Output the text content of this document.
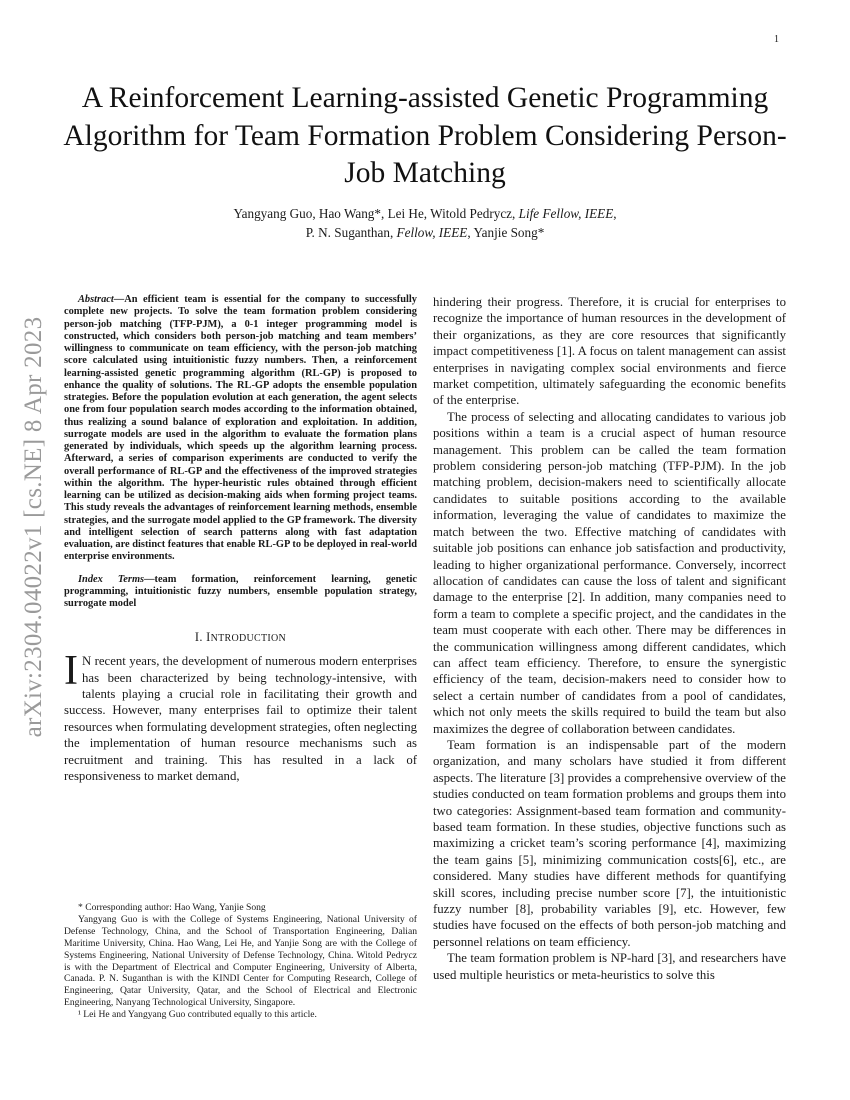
1
arXiv:2304.04022v1 [cs.NE] 8 Apr 2023
A Reinforcement Learning-assisted Genetic Programming Algorithm for Team Formation Problem Considering Person-Job Matching
Yangyang Guo, Hao Wang*, Lei He, Witold Pedrycz, Life Fellow, IEEE,
P. N. Suganthan, Fellow, IEEE, Yanjie Song*

Abstract—An efficient team is essential for the company to successfully complete new projects. To solve the team formation problem considering person-job matching (TFP-PJM), a 0-1 integer programming model is constructed, which considers both person-job matching and team members’ willingness to communicate on team efficiency, with the person-job matching score calculated using intuitionistic fuzzy numbers. Then, a reinforcement learning-assisted genetic programming algorithm (RL-GP) is proposed to enhance the quality of solutions. The RL-GP adopts the ensemble population strategies. Before the population evolution at each generation, the agent selects one from four population search modes according to the information obtained, thus realizing a sound balance of exploration and exploitation. In addition, surrogate models are used in the algorithm to evaluate the formation plans generated by individuals, which speeds up the algorithm learning process. Afterward, a series of comparison experiments are conducted to verify the overall performance of RL-GP and the effectiveness of the improved strategies within the algorithm. The hyper-heuristic rules obtained through efficient learning can be utilized as decision-making aids when forming project teams. This study reveals the advantages of reinforcement learning methods, ensemble strategies, and the surrogate model applied to the GP framework. The diversity and intelligent selection of search patterns along with fast adaptation evaluation, are distinct features that enable RL-GP to be deployed in real-world enterprise environments.

Index Terms—team formation, reinforcement learning, genetic programming, intuitionistic fuzzy numbers, ensemble population strategy, surrogate model

I. INTRODUCTION

I N recent years, the development of numerous modern enterprises has been characterized by being technology-intensive, with talents playing a crucial role in facilitating their growth and success. However, many enterprises fail to optimize their talent resources when formulating development strategies, often neglecting the implementation of human resource mechanisms such as recruitment and training. This has resulted in a lack of responsiveness to market demand,

* Corresponding author: Hao Wang, Yanjie Song

Yangyang Guo is with the College of Systems Engineering, National University of Defense Technology, China, and the School of Transportation Engineering, Dalian Maritime University, China. Hao Wang, Lei He, and Yanjie Song are with the College of Systems Engineering, National University of Defense Technology, China. Witold Pedrycz is with the Department of Electrical and Computer Engineering, University of Alberta, Canada. P. N. Suganthan is with the KINDI Center for Computing Research, College of Engineering, Qatar University, Qatar, and the School of Electrical and Electronic Engineering, Nanyang Technological University, Singapore.

¹ Lei He and Yangyang Guo contributed equally to this article.

hindering their progress. Therefore, it is crucial for enterprises to recognize the importance of human resources in the development of their organizations, as they are core resources that significantly impact competitiveness [1]. A focus on talent management can assist enterprises in navigating complex social environments and fierce market competition, ultimately safeguarding the economic benefits of the enterprise.

The process of selecting and allocating candidates to various job positions within a team is a crucial aspect of human resource management. This problem can be called the team formation problem considering person-job matching (TFP-PJM). In the job matching problem, decision-makers need to scientifically allocate candidates to suitable positions according to the available information, leveraging the value of candidates to maximize the match between the two. Effective matching of candidates with suitable job positions can enhance job satisfaction and productivity, leading to higher organizational performance. Conversely, incorrect allocation of candidates can cause the loss of talent and significant damage to the enterprise [2]. In addition, many companies need to form a team to complete a specific project, and the candidates in the team must cooperate with each other. There may be differences in the communication willingness among different candidates, which can affect team efficiency. Therefore, to ensure the synergistic efficiency of the team, decision-makers need to consider how to select a certain number of candidates from a pool of candidates, which not only meets the skills required to build the team but also maximizes the degree of collaboration between candidates.

Team formation is an indispensable part of the modern organization, and many scholars have studied it from different aspects. The literature [3] provides a comprehensive overview of the studies conducted on team formation problems and groups them into two categories: Assignment-based team formation and community-based team formation. In these studies, objective functions such as maximizing a cricket team’s scoring performance [4], maximizing the team gains [5], minimizing communication costs[6], etc., are considered. Many studies have different methods for quantifying skill scores, including precise number score [7], the intuitionistic fuzzy number [8], probability variables [9], etc. However, few studies have focused on the effects of both person-job matching and personnel relations on team efficiency.

The team formation problem is NP-hard [3], and researchers have used multiple heuristics or meta-heuristics to solve this
